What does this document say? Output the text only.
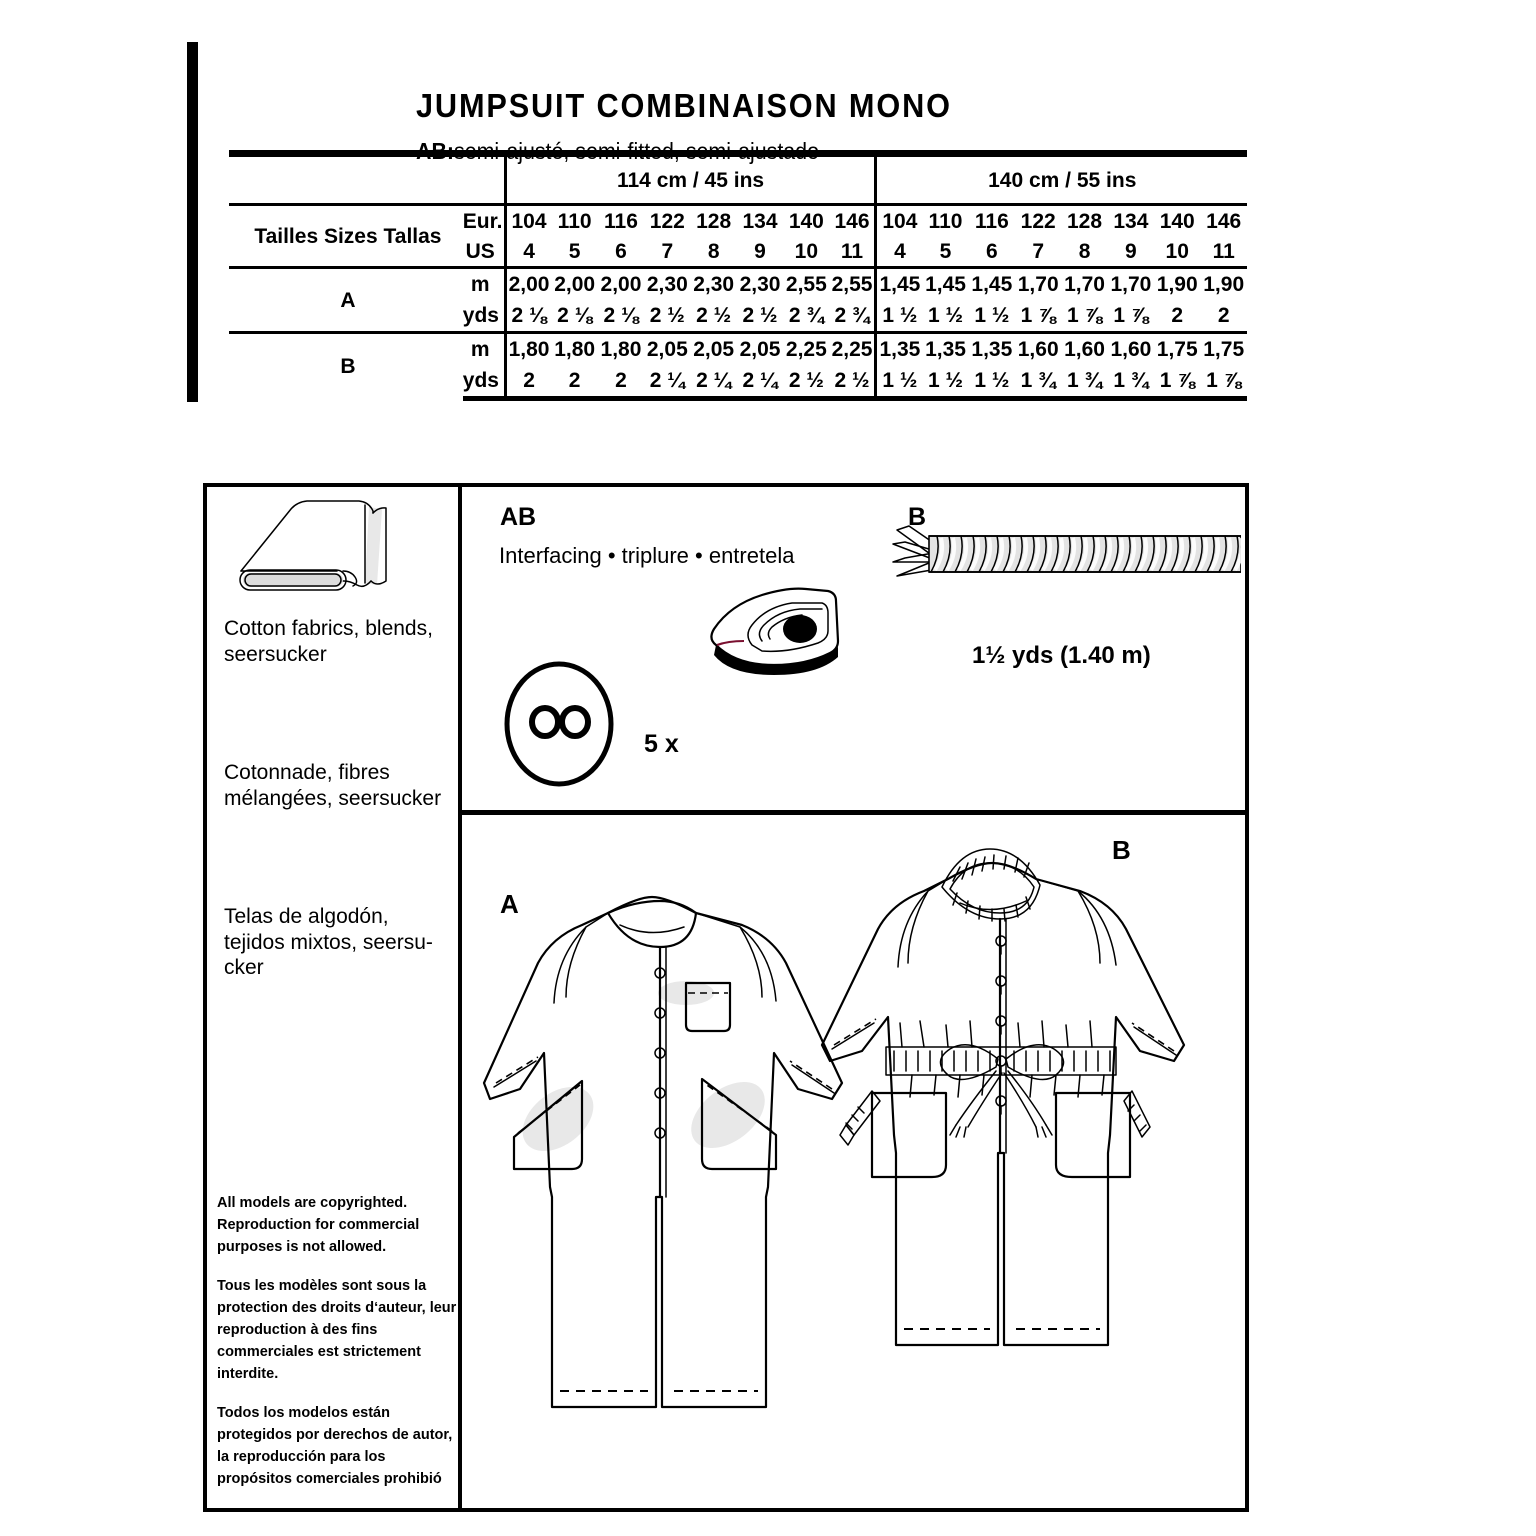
JUMPSUIT COMBINAISON MONO
AB:semi-ajusté, semi-fitted, semi-ajustado
		114 cm / 45 ins								140 cm / 55 ins							
Tailles Sizes Tallas	Eur.	104	110	116	122	128	134	140	146	104	110	116	122	128	134	140	146
	US	4	5	6	7	8	9	10	11	4	5	6	7	8	9	10	11
A	m	2,00	2,00	2,00	2,30	2,30	2,30	2,55	2,55	1,45	1,45	1,45	1,70	1,70	1,70	1,90	1,90
	yds	2 ⅛	2 ⅛	2 ⅛	2 ½	2 ½	2 ½	2 ¾	2 ¾	1 ½	1 ½	1 ½	1 ⅞	1 ⅞	1 ⅞	2	2
B	m	1,80	1,80	1,80	2,05	2,05	2,05	2,25	2,25	1,35	1,35	1,35	1,60	1,60	1,60	1,75	1,75
	yds	2	2	2	2 ¼	2 ¼	2 ¼	2 ½	2 ½	1 ½	1 ½	1 ½	1 ¾	1 ¾	1 ¾	1 ⅞	1 ⅞
Cotton fabrics, blends, seersucker
Cotonnade, fibres mélangées, seersucker
Telas de algodón, tejidos mixtos, seersu-cker

All models are copyrighted. Reproduction for commercial purposes is not allowed.

Tous les modèles sont sous la protection des droits d‘auteur, leur reproduction à des fins commerciales est strictement interdite.

Todos los modelos están protegidos por derechos de autor, la reproducción para los propósitos comerciales prohibió

AB	B
Interfacing • triplure • entretela
5 x
1½ yds (1.40 m)
A
B
